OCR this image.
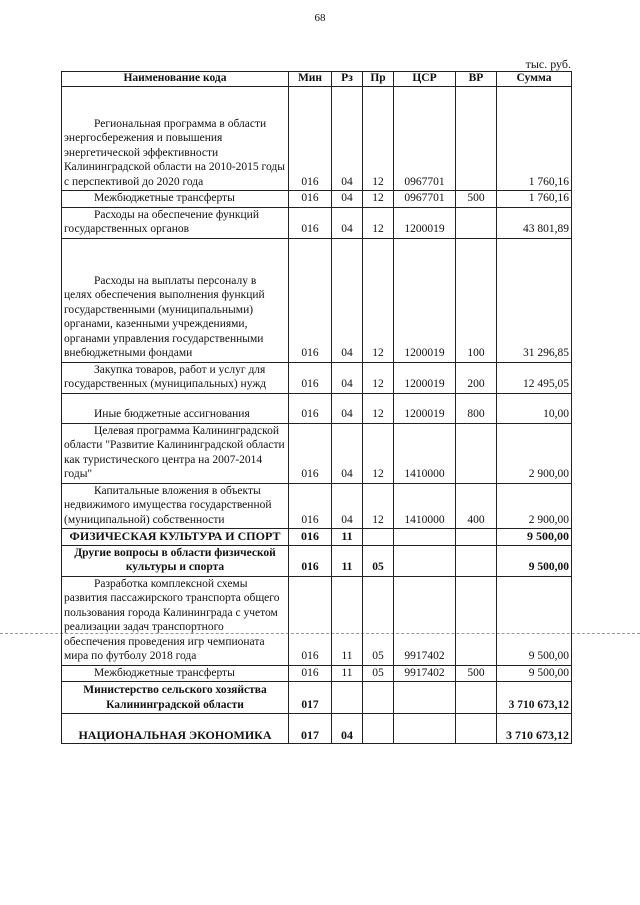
68
тыс. руб.
Наименование кода	Мин	Рз	Пр	ЦСР	ВР	Сумма

Региональная программа в области энергосбережения и повышения энергетической эффективности Калининградской области на 2010-2015 годы с перспективой до 2020 года	016	04	12	0967701		1 760,16

Межбюджетные трансферты	016	04	12	0967701	500	1 760,16

Расходы на обеспечение функций государственных органов	016	04	12	1200019		43 801,89

Расходы на выплаты персоналу в целях обеспечения выполнения функций государственными (муниципальными) органами, казенными учреждениями, органами управления государственными внебюджетными фондами	016	04	12	1200019	100	31 296,85

Закупка товаров, работ и услуг для государственных (муниципальных) нужд	016	04	12	1200019	200	12 495,05

Иные бюджетные ассигнования	016	04	12	1200019	800	10,00

Целевая программа Калининградской области "Развитие Калининградской области как туристического центра на 2007-2014 годы"	016	04	12	1410000		2 900,00

Капитальные вложения в объекты недвижимого имущества государственной (муниципальной) собственности	016	04	12	1410000	400	2 900,00

ФИЗИЧЕСКАЯ КУЛЬТУРА И СПОРТ	016	11				9 500,00

Другие вопросы в области физической культуры и спорта	016	11	05			9 500,00

Разработка комплексной схемы развития пассажирского транспорта общего пользования города Калининграда с учетом реализации задач транспортного обеспечения проведения игр чемпионата мира по футболу 2018 года	016	11	05	9917402		9 500,00

Межбюджетные трансферты	016	11	05	9917402	500	9 500,00

Министерство сельского хозяйства Калининградской области	017					3 710 673,12

НАЦИОНАЛЬНАЯ ЭКОНОМИКА	017	04				3 710 673,12
